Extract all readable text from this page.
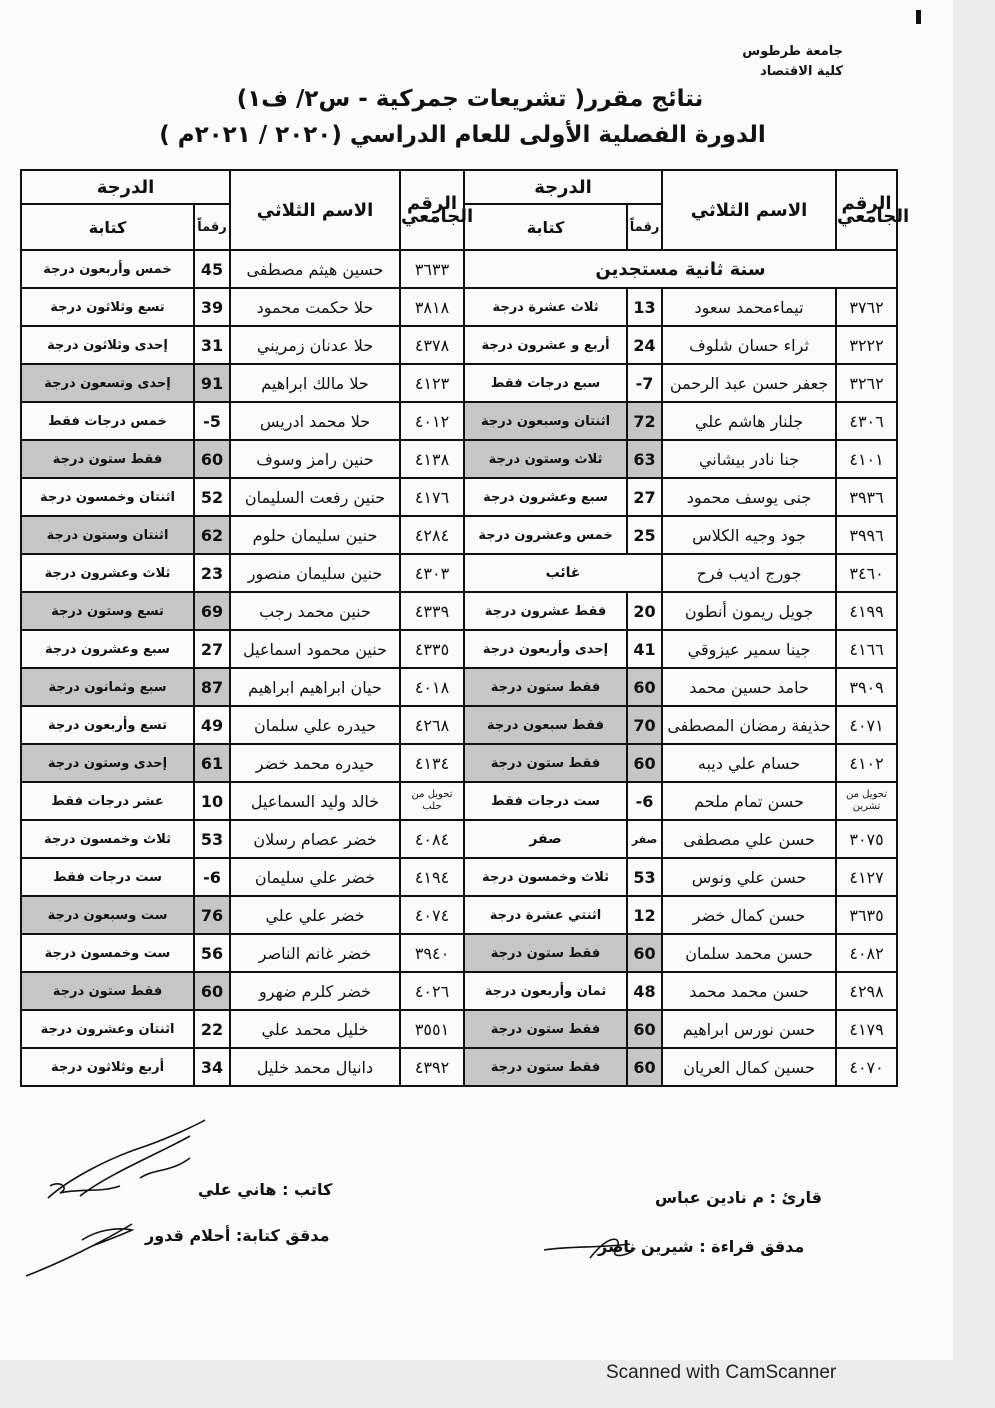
جامعة طرطوس
كلية الاقتصاد
نتائج مقرر( تشريعات جمركية - س٢/ ف١)
الدورة الفصلية الأولى للعام الدراسي (٢٠٢٠ / ٢٠٢١م )
الدرجة		الاسم الثلاثي	الرقم الجامعي	الدرجة		الاسم الثلاثي	الرقم الجامعي
كتابة	رقماً			كتابة	رقماً		
خمس وأربعون درجة	45	حسين هيثم مصطفى	٣٦٣٣	سنة ثانية مستجدين			
تسع وثلاثون درجة	39	حلا حكمت محمود	٣٨١٨	ثلاث عشرة درجة	13	تيماءمحمد سعود	٣٧٦٢
إحدى وثلاثون درجة	31	حلا عدنان زمريني	٤٣٧٨	أربع و عشرون درجة	24	ثراء حسان شلوف	٣٢٢٢
إحدى وتسعون درجة	91	حلا مالك ابراهيم	٤١٢٣	سبع درجات فقط	-7	جعفر حسن عبد الرحمن	٣٢٦٢
خمس درجات فقط	-5	حلا محمد ادريس	٤٠١٢	اثنتان وسبعون درجة	72	جلنار هاشم علي	٤٣٠٦
فقط ستون درجة	60	حنين رامز وسوف	٤١٣٨	ثلاث وستون درجة	63	جنا نادر بيشاني	٤١٠١
اثنتان وخمسون درجة	52	حنين رفعت السليمان	٤١٧٦	سبع وعشرون درجة	27	جنى يوسف محمود	٣٩٣٦
اثنتان وستون درجة	62	حنين سليمان حلوم	٤٢٨٤	خمس وعشرون درجة	25	جود وجيه الكلاس	٣٩٩٦
ثلاث وعشرون درجة	23	حنين سليمان منصور	٤٣٠٣	غائب		جورج اديب فرح	٣٤٦٠
تسع وستون درجة	69	حنين محمد رجب	٤٣٣٩	فقط عشرون درجة	20	جويل ريمون أنطون	٤١٩٩
سبع وعشرون درجة	27	حنين محمود اسماعيل	٤٣٣٥	إحدى وأربعون درجة	41	جينا سمير عيزوقي	٤١٦٦
سبع وثمانون درجة	87	حيان ابراهيم ابراهيم	٤٠١٨	فقط ستون درجة	60	حامد حسين محمد	٣٩٠٩
تسع وأربعون درجة	49	حيدره علي سلمان	٤٢٦٨	فقط سبعون درجة	70	حذيفة رمضان المصطفى	٤٠٧١
إحدى وستون درجة	61	حيدره محمد خضر	٤١٣٤	فقط ستون درجة	60	حسام علي ديبه	٤١٠٢
عشر درجات فقط	10	خالد وليد السماعيل	تحويل من حلب	ست درجات فقط	-6	حسن تمام ملحم	تحويل من تشرين
ثلاث وخمسون درجة	53	خضر عصام رسلان	٤٠٨٤	صفر	صفر	حسن علي مصطفى	٣٠٧٥
ست درجات فقط	-6	خضر علي سليمان	٤١٩٤	ثلاث وخمسون درجة	53	حسن علي ونوس	٤١٢٧
ست وسبعون درجة	76	خضر علي علي	٤٠٧٤	اثنتي عشرة درجة	12	حسن كمال خضر	٣٦٣٥
ست وخمسون درجة	56	خضر غانم الناصر	٣٩٤٠	فقط ستون درجة	60	حسن محمد سلمان	٤٠٨٢
فقط ستون درجة	60	خضر كلرم ضهرو	٤٠٢٦	ثمان وأربعون درجة	48	حسن محمد محمد	٤٢٩٨
اثنتان وعشرون درجة	22	خليل محمد علي	٣٥٥١	فقط ستون درجة	60	حسن نورس ابراهيم	٤١٧٩
أربع وثلاثون درجة	34	دانيال محمد خليل	٤٣٩٢	فقط ستون درجة	60	حسين كمال العريان	٤٠٧٠
كاتب : هاني علي
مدقق كتابة: أحلام قدور
قارئ : م نادين عباس
مدقق قراءة : شيرين ناصر
Scanned with CamScanner
